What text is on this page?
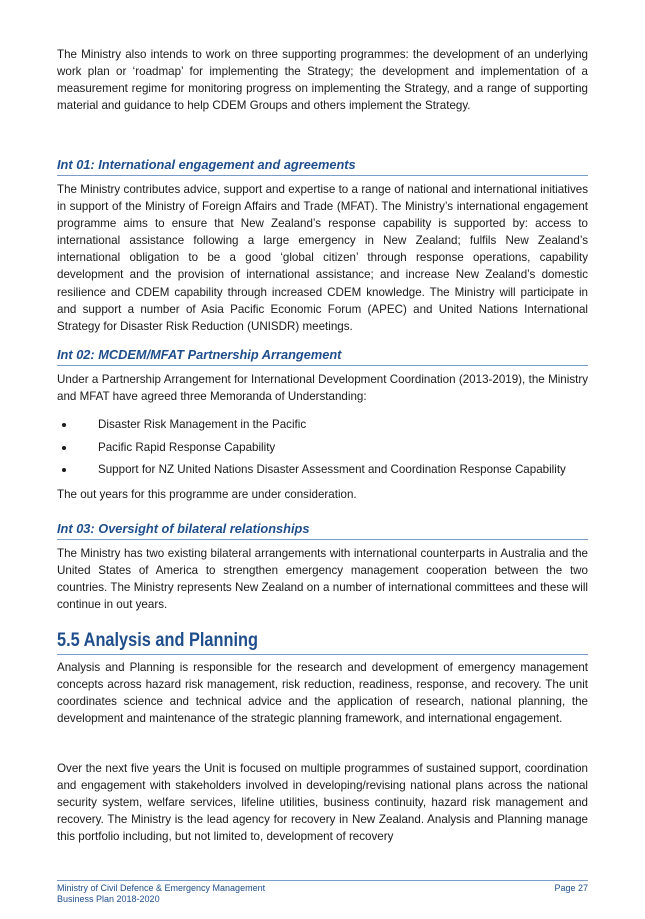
The Ministry also intends to work on three supporting programmes: the development of an underlying work plan or ‘roadmap’ for implementing the Strategy; the development and implementation of a measurement regime for monitoring progress on implementing the Strategy, and a range of supporting material and guidance to help CDEM Groups and others implement the Strategy.

Int 01: International engagement and agreements

The Ministry contributes advice, support and expertise to a range of national and international initiatives in support of the Ministry of Foreign Affairs and Trade (MFAT). The Ministry’s international engagement programme aims to ensure that New Zealand’s response capability is supported by: access to international assistance following a large emergency in New Zealand; fulfils New Zealand’s international obligation to be a good ‘global citizen’ through response operations, capability development and the provision of international assistance; and increase New Zealand’s domestic resilience and CDEM capability through increased CDEM knowledge. The Ministry will participate in and support a number of Asia Pacific Economic Forum (APEC) and United Nations International Strategy for Disaster Risk Reduction (UNISDR) meetings.

Int 02: MCDEM/MFAT Partnership Arrangement

Under a Partnership Arrangement for International Development Coordination (2013-2019), the Ministry and MFAT have agreed three Memoranda of Understanding:

Disaster Risk Management in the Pacific
Pacific Rapid Response Capability
Support for NZ United Nations Disaster Assessment and Coordination Response Capability

The out years for this programme are under consideration.

Int 03: Oversight of bilateral relationships

The Ministry has two existing bilateral arrangements with international counterparts in Australia and the United States of America to strengthen emergency management cooperation between the two countries. The Ministry represents New Zealand on a number of international committees and these will continue in out years.

5.5 Analysis and Planning

Analysis and Planning is responsible for the research and development of emergency management concepts across hazard risk management, risk reduction, readiness, response, and recovery. The unit coordinates science and technical advice and the application of research, national planning, the development and maintenance of the strategic planning framework, and international engagement.

Over the next five years the Unit is focused on multiple programmes of sustained support, coordination and engagement with stakeholders involved in developing/revising national plans across the national security system, welfare services, lifeline utilities, business continuity, hazard risk management and recovery. The Ministry is the lead agency for recovery in New Zealand. Analysis and Planning manage this portfolio including, but not limited to, development of recovery

Ministry of Civil Defence & Emergency Management
Business Plan 2018-2020
Page 27
